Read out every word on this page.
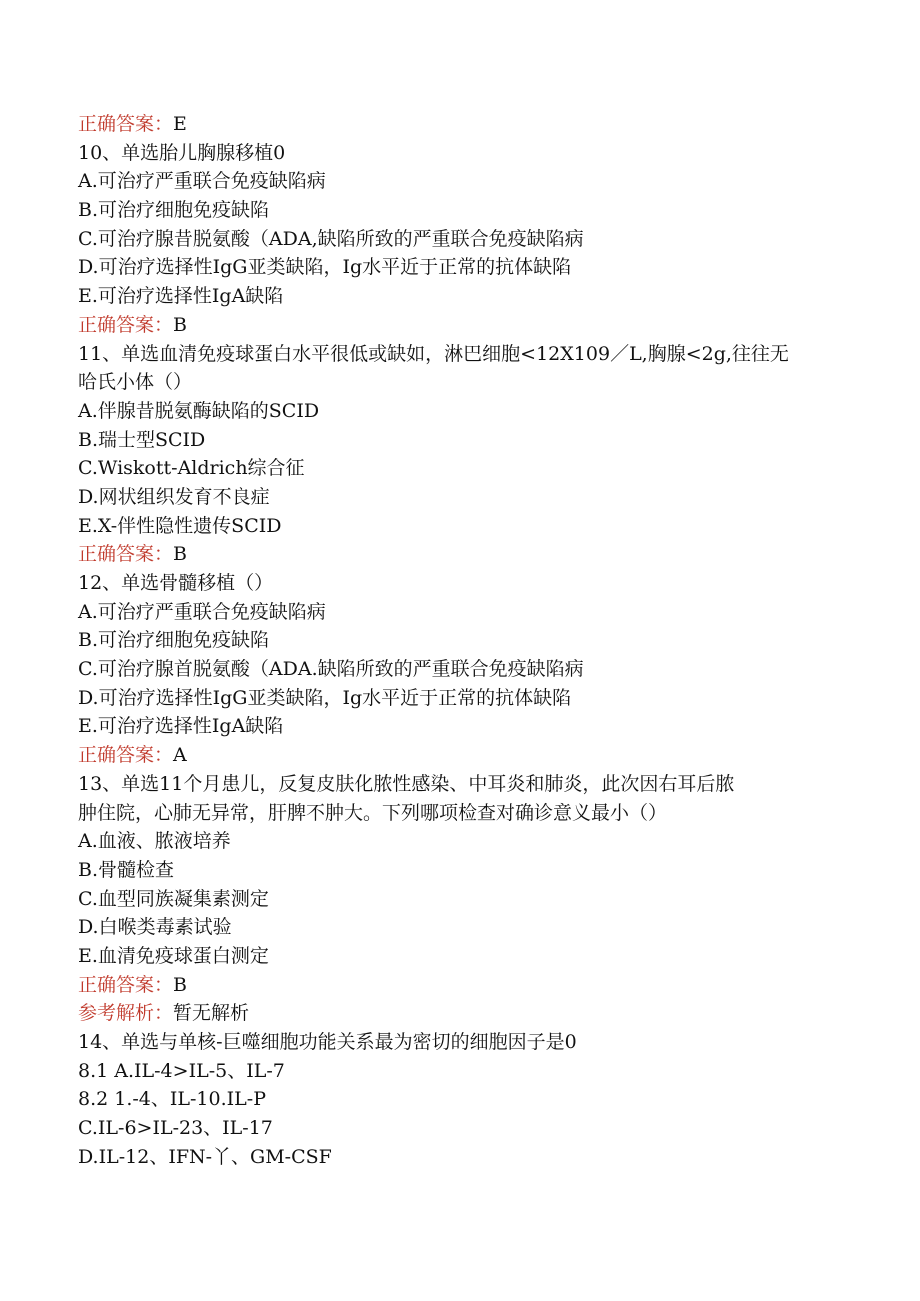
正确答案：E
10、单选胎儿胸腺移植0
A.可治疗严重联合免疫缺陷病
B.可治疗细胞免疫缺陷
C.可治疗腺昔脱氨酸（ADA,缺陷所致的严重联合免疫缺陷病
D.可治疗选择性IgG亚类缺陷，Ig水平近于正常的抗体缺陷
E.可治疗选择性IgA缺陷
正确答案：B
11、单选血清免疫球蛋白水平很低或缺如，淋巴细胞<12X109／L,胸腺<2g,往往无
哈氏小体（）
A.伴腺昔脱氨酶缺陷的SCID
B.瑞士型SCID
C.Wiskott-Aldrich综合征
D.网状组织发育不良症
E.X-伴性隐性遗传SCID
正确答案：B
12、单选骨髓移植（）
A.可治疗严重联合免疫缺陷病
B.可治疗细胞免疫缺陷
C.可治疗腺首脱氨酸（ADA.缺陷所致的严重联合免疫缺陷病
D.可治疗选择性IgG亚类缺陷，Ig水平近于正常的抗体缺陷
E.可治疗选择性IgA缺陷
正确答案：A
13、单选11个月患儿，反复皮肤化脓性感染、中耳炎和肺炎，此次因右耳后脓
肿住院，心肺无异常，肝脾不肿大。下列哪项检查对确诊意义最小（）
A.血液、脓液培养
B.骨髓检查
C.血型同族凝集素测定
D.白喉类毒素试验
E.血清免疫球蛋白测定
正确答案：B
参考解析：暂无解析
14、单选与单核-巨噬细胞功能关系最为密切的细胞因子是0
8.1 A.IL-4>IL-5、IL-7
8.2 1.-4、IL-10.IL-P
C.IL-6>IL-23、IL-17
D.IL-12、IFN-丫、GM-CSF
